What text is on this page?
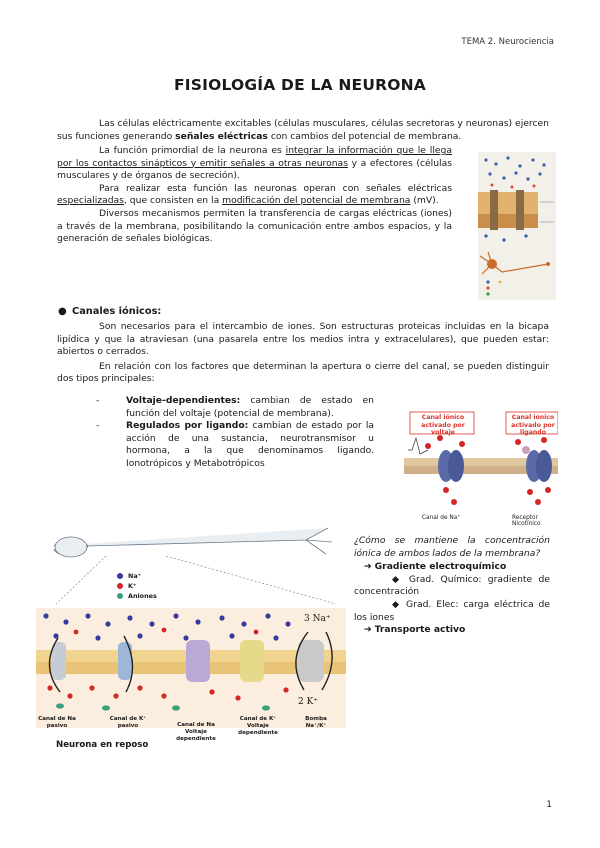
TEMA 2. Neurociencia
FISIOLOGÍA DE LA NEURONA

Las células eléctricamente excitables (células musculares, células secretoras y neuronas) ejercen sus funciones generando señales eléctricas con cambios del potencial de membrana.

La función primordial de la neurona es integrar la información que le llega por los contactos sinápticos y emitir señales a otras neuronas y a efectores (células musculares y de órganos de secreción).

Para realizar esta función las neuronas operan con señales eléctricas especializadas, que consisten en la modificación del potencial de membrana (mV).

Diversos mecanismos permiten la transferencia de cargas eléctricas (iones) a través de la membrana, posibilitando la comunicación entre ambos espacios, y la generación de señales biológicas.

● Canales iónicos:

Son necesarios para el intercambio de iones. Son estructuras proteicas incluidas en la bicapa lipídica y que la atraviesan (una pasarela entre los medios intra y extracelulares), que pueden estar: abiertos o cerrados.

En relación con los factores que determinan la apertura o cierre del canal, se pueden distinguir dos tipos principales:

-	Voltaje-dependientes: cambian de estado en función del voltaje (potencial de membrana).
-	Regulados por ligando: cambian de estado por la acción de una sustancia, neurotransmisor u hormona, a la que denominamos ligando. Ionotrópicos y Metabotrópicos
Canal iónico activado por voltaje
Canal iónico activado por ligando
Canal de Na⁺	Receptor Nicotínico
Na⁺
K⁺
Aniones
3 Na⁺
2 K⁺
Canal de Na pasivo
Canal de K⁺ pasivo	Canal de Na Voltaje dependiente
Canal de K⁺ Voltaje dependiente
Bomba Na⁺/K⁺
Neurona en reposo

¿Cómo se mantiene la concentración iónica de ambos lados de la membrana?

➔ Gradiente electroquímico

◆ Grad. Químico: gradiente de concentración

◆ Grad. Elec: carga eléctrica de los iones

➔ Transporte activo
1
